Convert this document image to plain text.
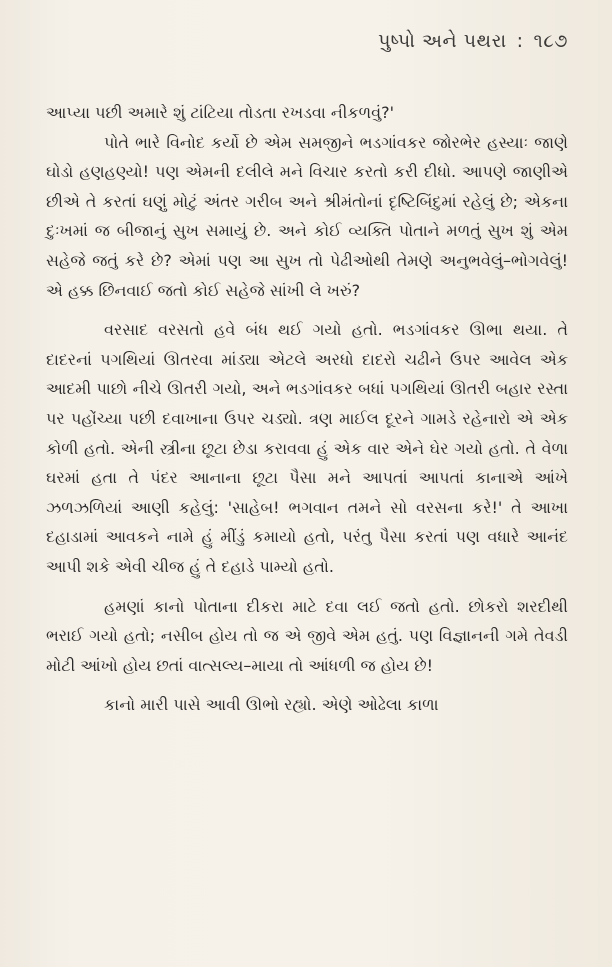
પુષ્પો અને પથરા : ૧૮૭

આપ્યા પછી અમારે શું ટાંટિયા તોડતા રખડવા નીકળવું?'

પોતે ભારે વિનોદ કર્યો છે એમ સમજીને ભડગાંવકર જોરભેર હસ્યાઃ જાણે ઘોડો હણહણ્યો! પણ એમની દલીલે મને વિચાર કરતો કરી દીધો. આપણે જાણીએ છીએ તે કરતાં ઘણું મોટું અંતર ગરીબ અને શ્રીમંતોનાં દૃષ્ટિબિંદુમાં રહેલું છે; એકના દુઃખમાં જ બીજાનું સુખ સમાયું છે. અને કોઈ વ્યક્તિ પોતાને મળતું સુખ શું એમ સહેજે જતું કરે છે? એમાં પણ આ સુખ તો પેઢીઓથી તેમણે અનુભવેલું–ભોગવેલું! એ હક્ક છિનવાઈ જતો કોઈ સહેજે સાંખી લે ખરું?

વરસાદ વરસતો હવે બંધ થઈ ગયો હતો. ભડગાંવકર ઊભા થયા. તે દાદરનાં પગથિયાં ઊતરવા માંડ્યા એટલે અરધો દાદરો ચઢીને ઉપર આવેલ એક આદમી પાછો નીચે ઊતરી ગયો, અને ભડગાંવકર બધાં પગથિયાં ઊતરી બહાર રસ્તા પર પહોંચ્યા પછી દવાખાના ઉપર ચડ્યો. ત્રણ માઈલ દૂરને ગામડે રહેનારો એ એક કોળી હતો. એની સ્ત્રીના છૂટા છેડા કરાવવા હું એક વાર એને ઘેર ગયો હતો. તે વેળા ઘરમાં હતા તે પંદર આનાના છૂટા પૈસા મને આપતાં આપતાં કાનાએ આંખે ઝળઝળિયાં આણી કહેલું: 'સાહેબ! ભગવાન તમને સો વરસના કરે!' તે આખા દહાડામાં આવકને નામે હું મીંડું કમાયો હતો, પરંતુ પૈસા કરતાં પણ વધારે આનંદ આપી શકે એવી ચીજ હું તે દહાડે પામ્યો હતો.

હમણાં કાનો પોતાના દીકરા માટે દવા લઈ જતો હતો. છોકરો શરદીથી ભરાઈ ગયો હતો; નસીબ હોય તો જ એ જીવે એમ હતું. પણ વિજ્ઞાનની ગમે તેવડી મોટી આંખો હોય છતાં વાત્સલ્ય–માયા તો આંધળી જ હોય છે!

કાનો મારી પાસે આવી ઊભો રહ્યો. એણે ઓઢેલા કાળા
